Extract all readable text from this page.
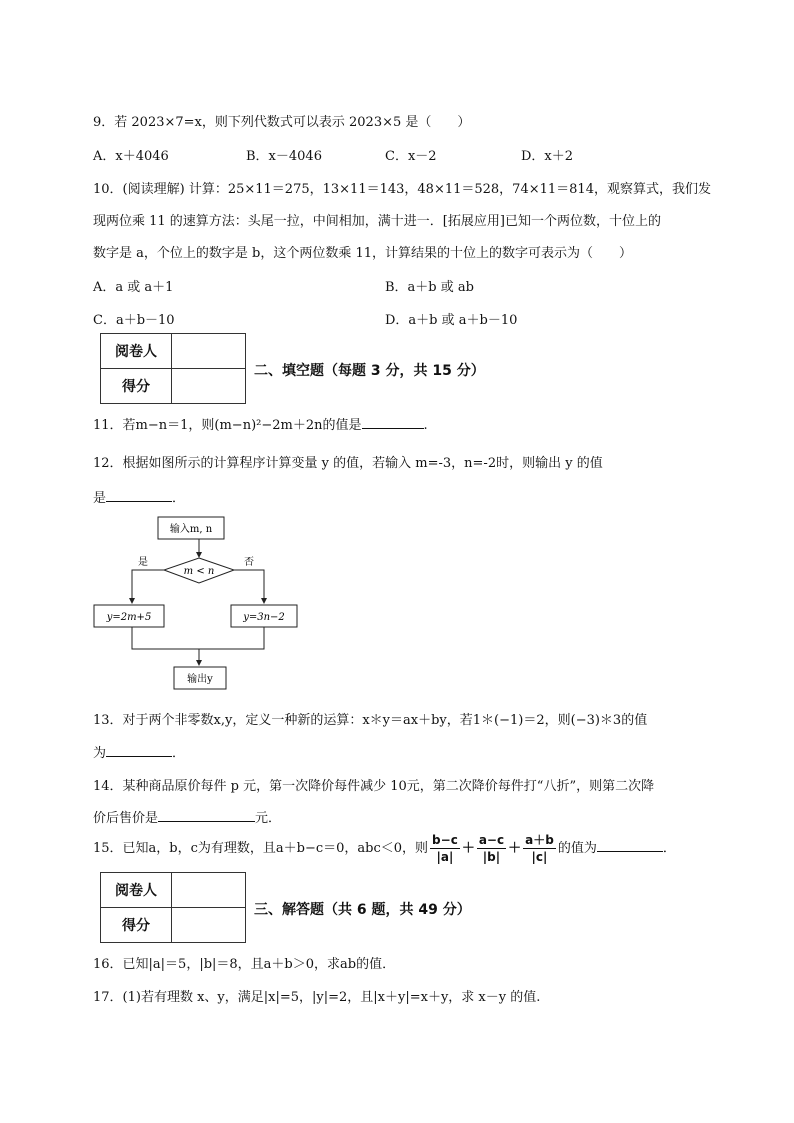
9．若 2023×7=x，则下列代数式可以表示 2023×5 是（　　）
A．x＋4046	B．x－4046	C．x－2	D．x＋2
10．(阅读理解) 计算：25×11＝275，13×11＝143，48×11＝528，74×11＝814，观察算式，我们发
现两位乘 11 的速算方法：头尾一拉，中间相加，满十进一．[拓展应用]已知一个两位数，十位上的
数字是 a，个位上的数字是 b，这个两位数乘 11，计算结果的十位上的数字可表示为（　　）
A．a 或 a＋1	B．a＋b 或 ab
C．a＋b－10	D．a＋b 或 a＋b－10
阅卷人	
得分	
二、填空题（每题 3 分，共 15 分）
11．若m−n＝1，则(m−n)²−2m＋2n的值是	.
12．根据如图所示的计算程序计算变量 y 的值，若输入 m=-3，n=-2时，则输出 y 的值
是	．
输入m, n
m < n
是	否
y=2m+5	y=3n−2
输出y
13．对于两个非零数x,y，定义一种新的运算：x＊y＝ax＋by，若1＊(−1)＝2，则(−3)＊3的值
为	．
14．某种商品原价每件 p 元，第一次降价每件减少 10元，第二次降价每件打“八折”，则第二次降
价后售价是	元．
15．已知a，b，c为有理数，且a＋b−c＝0，abc＜0，则 $\frac{b-c}{|a|} + \frac{a-c}{|b|} + \frac{a+b}{|c|}$ 的值为	．
阅卷人	
得分	
三、解答题（共 6 题，共 49 分）
16．已知|a|＝5，|b|＝8，且a＋b＞0，求ab的值．
17．(1)若有理数 x、y，满足|x|=5，|y|=2，且|x＋y|=x＋y，求 x－y 的值.
